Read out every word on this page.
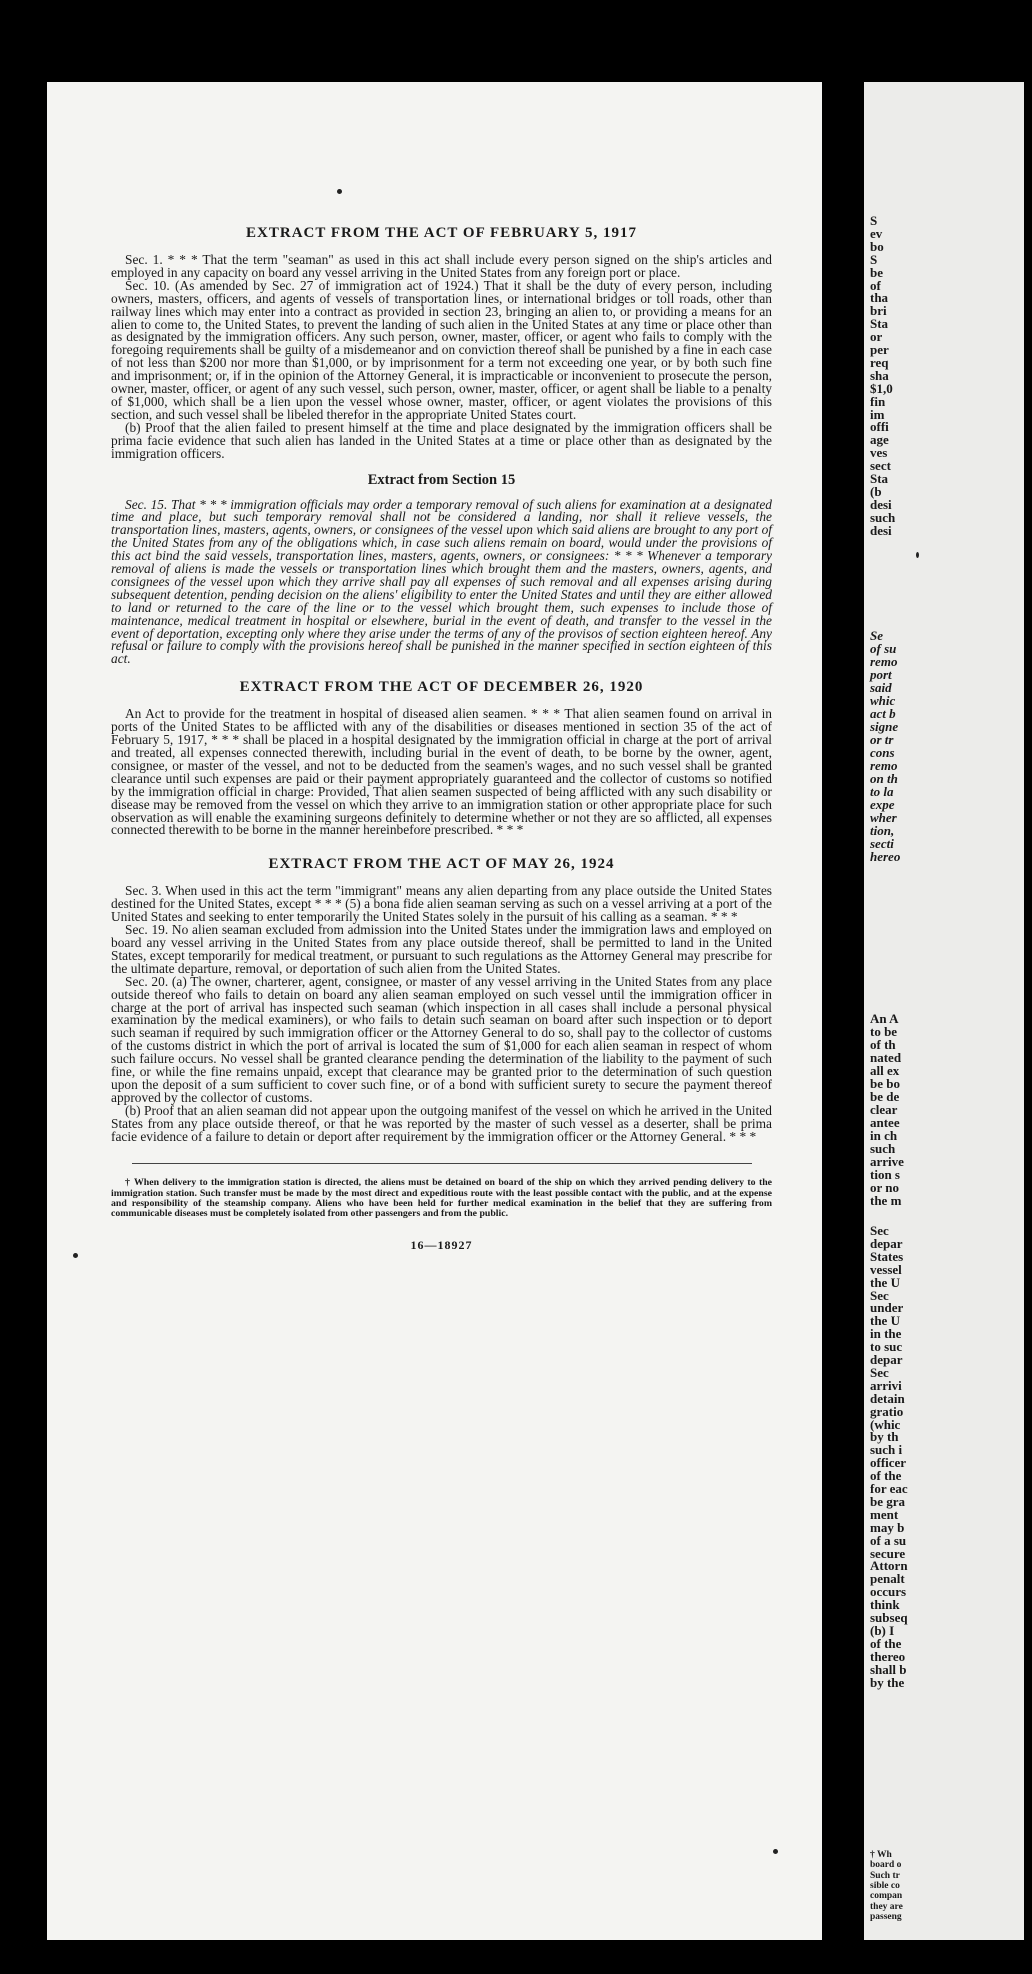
EXTRACT FROM THE ACT OF FEBRUARY 5, 1917

Sec. 1. * * * That the term "seaman" as used in this act shall include every person signed on the ship's articles and employed in any capacity on board any vessel arriving in the United States from any foreign port or place.

Sec. 10. (As amended by Sec. 27 of immigration act of 1924.) That it shall be the duty of every person, including owners, masters, officers, and agents of vessels of transportation lines, or international bridges or toll roads, other than railway lines which may enter into a contract as provided in section 23, bringing an alien to, or providing a means for an alien to come to, the United States, to prevent the landing of such alien in the United States at any time or place other than as designated by the immigration officers. Any such person, owner, master, officer, or agent who fails to comply with the foregoing requirements shall be guilty of a misdemeanor and on conviction thereof shall be punished by a fine in each case of not less than $200 nor more than $1,000, or by imprisonment for a term not exceeding one year, or by both such fine and imprisonment; or, if in the opinion of the Attorney General, it is impracticable or inconvenient to prosecute the person, owner, master, officer, or agent of any such vessel, such person, owner, master, officer, or agent shall be liable to a penalty of $1,000, which shall be a lien upon the vessel whose owner, master, officer, or agent violates the provisions of this section, and such vessel shall be libeled therefor in the appropriate United States court.

(b) Proof that the alien failed to present himself at the time and place designated by the immigration officers shall be prima facie evidence that such alien has landed in the United States at a time or place other than as designated by the immigration officers.

Extract from Section 15

Sec. 15. That * * * immigration officials may order a temporary removal of such aliens for examination at a designated time and place, but such temporary removal shall not be considered a landing, nor shall it relieve vessels, the transportation lines, masters, agents, owners, or consignees of the vessel upon which said aliens are brought to any port of the United States from any of the obligations which, in case such aliens remain on board, would under the provisions of this act bind the said vessels, transportation lines, masters, agents, owners, or consignees: * * * Whenever a temporary removal of aliens is made the vessels or transportation lines which brought them and the masters, owners, agents, and consignees of the vessel upon which they arrive shall pay all expenses of such removal and all expenses arising during subsequent detention, pending decision on the aliens' eligibility to enter the United States and until they are either allowed to land or returned to the care of the line or to the vessel which brought them, such expenses to include those of maintenance, medical treatment in hospital or elsewhere, burial in the event of death, and transfer to the vessel in the event of deportation, excepting only where they arise under the terms of any of the provisos of section eighteen hereof. Any refusal or failure to comply with the provisions hereof shall be punished in the manner specified in section eighteen of this act.

EXTRACT FROM THE ACT OF DECEMBER 26, 1920

An Act to provide for the treatment in hospital of diseased alien seamen. * * * That alien seamen found on arrival in ports of the United States to be afflicted with any of the disabilities or diseases mentioned in section 35 of the act of February 5, 1917, * * * shall be placed in a hospital designated by the immigration official in charge at the port of arrival and treated, all expenses connected therewith, including burial in the event of death, to be borne by the owner, agent, consignee, or master of the vessel, and not to be deducted from the seamen's wages, and no such vessel shall be granted clearance until such expenses are paid or their payment appropriately guaranteed and the collector of customs so notified by the immigration official in charge: Provided, That alien seamen suspected of being afflicted with any such disability or disease may be removed from the vessel on which they arrive to an immigration station or other appropriate place for such observation as will enable the examining surgeons definitely to determine whether or not they are so afflicted, all expenses connected therewith to be borne in the manner hereinbefore prescribed. * * *

EXTRACT FROM THE ACT OF MAY 26, 1924

Sec. 3. When used in this act the term "immigrant" means any alien departing from any place outside the United States destined for the United States, except * * * (5) a bona fide alien seaman serving as such on a vessel arriving at a port of the United States and seeking to enter temporarily the United States solely in the pursuit of his calling as a seaman. * * *

Sec. 19. No alien seaman excluded from admission into the United States under the immigration laws and employed on board any vessel arriving in the United States from any place outside thereof, shall be permitted to land in the United States, except temporarily for medical treatment, or pursuant to such regulations as the Attorney General may prescribe for the ultimate departure, removal, or deportation of such alien from the United States.

Sec. 20. (a) The owner, charterer, agent, consignee, or master of any vessel arriving in the United States from any place outside thereof who fails to detain on board any alien seaman employed on such vessel until the immigration officer in charge at the port of arrival has inspected such seaman (which inspection in all cases shall include a personal physical examination by the medical examiners), or who fails to detain such seaman on board after such inspection or to deport such seaman if required by such immigration officer or the Attorney General to do so, shall pay to the collector of customs of the customs district in which the port of arrival is located the sum of $1,000 for each alien seaman in respect of whom such failure occurs. No vessel shall be granted clearance pending the determination of the liability to the payment of such fine, or while the fine remains unpaid, except that clearance may be granted prior to the determination of such question upon the deposit of a sum sufficient to cover such fine, or of a bond with sufficient surety to secure the payment thereof approved by the collector of customs.

(b) Proof that an alien seaman did not appear upon the outgoing manifest of the vessel on which he arrived in the United States from any place outside thereof, or that he was reported by the master of such vessel as a deserter, shall be prima facie evidence of a failure to detain or deport after requirement by the immigration officer or the Attorney General. * * *

† When delivery to the immigration station is directed, the aliens must be detained on board of the ship on which they arrived pending delivery to the immigration station. Such transfer must be made by the most direct and expeditious route with the least possible contact with the public, and at the expense and responsibility of the steamship company. Aliens who have been held for further medical examination in the belief that they are suffering from communicable diseases must be completely isolated from other passengers and from the public.

16—18927
S
ev
bo
S
be
of
tha
bri
Sta
or
per
req
sha
$1,0
fin
im
offi
age
ves
sect
Sta
(b
desi
such
desi
Se
of su
remo
port
said
whic
act b
signe
or tr
cons
remo
on th
to la
expe
wher
tion,
secti
hereo
An A
to be
of th
nated
all ex
be bo
be de
clear
antee
in ch
such
arrive
tion s
or no
the m
Sec
depar
States
vessel
the U
Sec
under
the U
in the
to suc
depar
Sec
arrivi
detain
gratio
(whic
by th
such i
officer
of the
for eac
be gra
ment
may b
of a su
secure
Attorn
penalt
occurs
think
subseq
(b) I
of the
thereo
shall b
by the
† Wh
board o
Such tr
sible co
compan
they are
passeng
